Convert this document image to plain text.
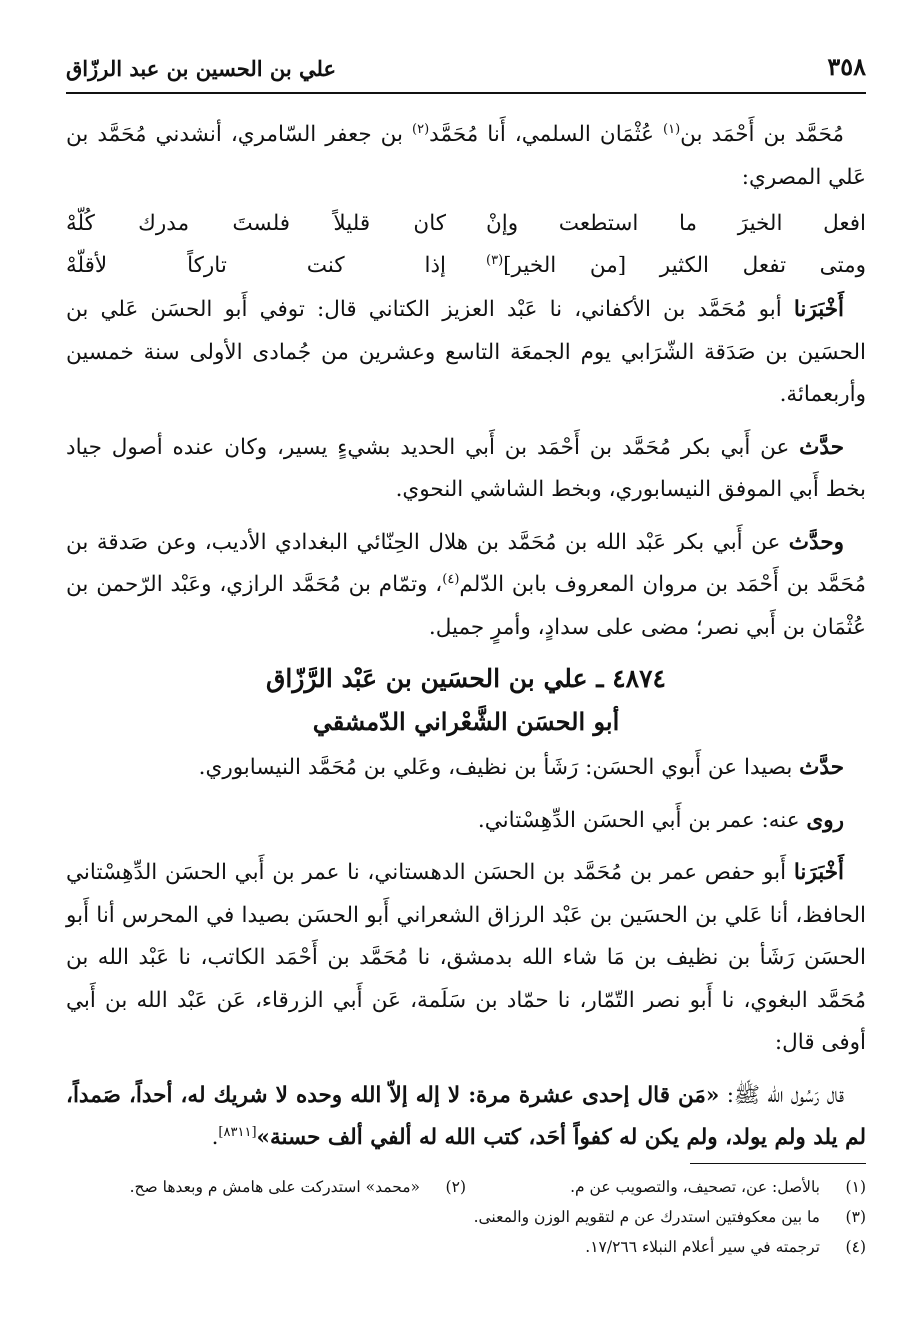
٣٥٨
علي بن الحسين بن عبد الرزّاق

مُحَمَّد بن أَحْمَد بن$^{(١)}$ عُثْمَان السلمي، أَنا مُحَمَّد$^{(٢)}$ بن جعفر السّامري، أنشدني مُحَمَّد بن عَلي المصري:

افعل الخيرَ ما استطعت وإنْ
كان قليلاً فلستَ مدرك كُلّهْ
ومتى تفعل الكثير [من الخير]$^{(٣)}$
إذا كنت تاركاً لأقلّهْ

أَخْبَرَنا أبو مُحَمَّد بن الأكفاني، نا عَبْد العزيز الكتاني قال: توفي أَبو الحسَن عَلي بن الحسَين بن صَدَقة الشّرَابي يوم الجمعَة التاسع وعشرين من جُمادى الأولى سنة خمسين وأربعمائة.

حدَّث عن أَبي بكر مُحَمَّد بن أَحْمَد بن أَبي الحديد بشيءٍ يسير، وكان عنده أصول جياد بخط أَبي الموفق النيسابوري، وبخط الشاشي النحوي.

وحدَّث عن أَبي بكر عَبْد الله بن مُحَمَّد بن هلال الحِنّائي البغدادي الأديب، وعن صَدقة بن مُحَمَّد بن أَحْمَد بن مروان المعروف بابن الدّلم$^{(٤)}$، وتمّام بن مُحَمَّد الرازي، وعَبْد الرّحمن بن عُثْمَان بن أَبي نصر؛ مضى على سدادٍ، وأمرٍ جميل.

٤٨٧٤ ـ علي بن الحسَين بن عَبْد الرَّزّاق
أبو الحسَن الشَّعْراني الدّمشقي

حدَّث بصيدا عن أَبوي الحسَن: رَشَأ بن نظيف، وعَلي بن مُحَمَّد النيسابوري.

روى عنه: عمر بن أَبي الحسَن الدِّهِسْتاني.

أَخْبَرَنا أَبو حفص عمر بن مُحَمَّد بن الحسَن الدهستاني، نا عمر بن أَبي الحسَن الدِّهِسْتاني الحافظ، أنا عَلي بن الحسَين بن عَبْد الرزاق الشعراني أَبو الحسَن بصيدا في المحرس أنا أَبو الحسَن رَشَأ بن نظيف بن مَا شاء الله بدمشق، نا مُحَمَّد بن أَحْمَد الكاتب، نا عَبْد الله بن مُحَمَّد البغوي، نا أَبو نصر التّمّار، نا حمّاد بن سَلَمة، عَن أَبي الزرقاء، عَن عَبْد الله بن أَبي أوفى قال:

قال رَسُول الله ﷺ: «مَن قال إحدى عشرة مرة: لا إله إلاّ الله وحده لا شريك له، أحداً، صَمداً، لم يلد ولم يولد، ولم يكن له كفواً أحَد، كتب الله له ألفي ألف حسنة»[٨٣١١].

(١)
بالأصل: عن، تصحيف، والتصويب عن م.
(٢)
«محمد» استدركت على هامش م وبعدها صح.
(٣)
ما بين معكوفتين استدرك عن م لتقويم الوزن والمعنى.
(٤)
ترجمته في سير أعلام النبلاء ١٧/٢٦٦.
